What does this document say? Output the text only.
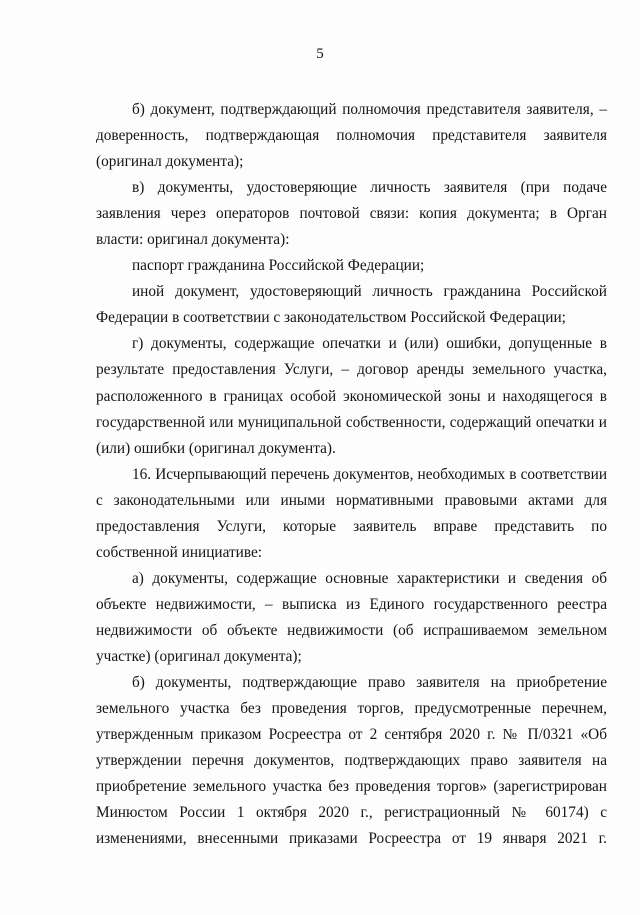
5

б) документ, подтверждающий полномочия представителя заявителя, – доверенность, подтверждающая полномочия представителя заявителя (оригинал документа);

в) документы, удостоверяющие личность заявителя (при подаче заявления через операторов почтовой связи: копия документа; в Орган власти: оригинал документа):

паспорт гражданина Российской Федерации;

иной документ, удостоверяющий личность гражданина Российской Федерации в соответствии с законодательством Российской Федерации;

г) документы, содержащие опечатки и (или) ошибки, допущенные в результате предоставления Услуги, – договор аренды земельного участка, расположенного в границах особой экономической зоны и находящегося в государственной или муниципальной собственности, содержащий опечатки и (или) ошибки (оригинал документа).

16. Исчерпывающий перечень документов, необходимых в соответствии с законодательными или иными нормативными правовыми актами для предоставления Услуги, которые заявитель вправе представить по собственной инициативе:

а) документы, содержащие основные характеристики и сведения об объекте недвижимости, – выписка из Единого государственного реестра недвижимости об объекте недвижимости (об испрашиваемом земельном участке) (оригинал документа);

б) документы, подтверждающие право заявителя на приобретение земельного участка без проведения торгов, предусмотренные перечнем, утвержденным приказом Росреестра от 2 сентября 2020 г. № П/0321 «Об утверждении перечня документов, подтверждающих право заявителя на приобретение земельного участка без проведения торгов» (зарегистрирован Минюстом России 1 октября 2020 г., регистрационный № 60174) с изменениями, внесенными приказами Росреестра от 19 января 2021 г.
